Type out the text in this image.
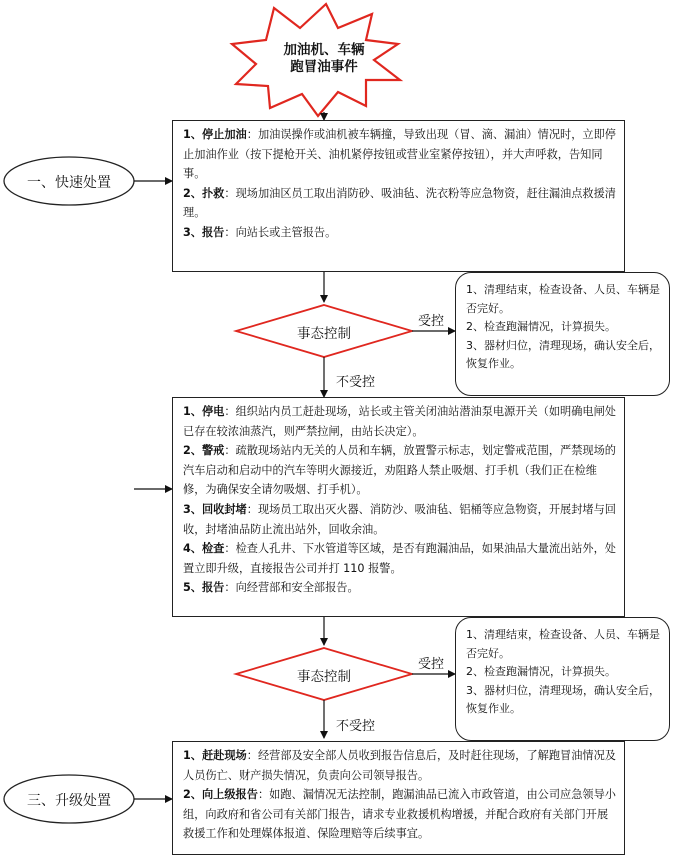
加油机、车辆
跑冒油事件
一、快速处置
三、升级处置

1、停止加油：加油误操作或油机被车辆撞，导致出现（冒、滴、漏油）情况时，立即停止加油作业（按下提枪开关、油机紧停按钮或营业室紧停按钮），并大声呼救，告知同事。

2、扑救：现场加油区员工取出消防砂、吸油毡、洗衣粉等应急物资，赶往漏油点救援清理。

3、报告：向站长或主管报告。

事态控制
受控
不受控

1、清理结束，检查设备、人员、车辆是否完好。

2、检查跑漏情况，计算损失。

3、器材归位，清理现场，确认安全后，恢复作业。

1、停电：组织站内员工赶赴现场，站长或主管关闭油站潜油泵电源开关（如明确电闸处已存在较浓油蒸汽，则严禁拉闸，由站长决定）。

2、警戒：疏散现场站内无关的人员和车辆，放置警示标志，划定警戒范围，严禁现场的汽车启动和启动中的汽车等明火源接近，劝阻路人禁止吸烟、打手机（我们正在检维修，为确保安全请勿吸烟、打手机）。

3、回收封堵：现场员工取出灭火器、消防沙、吸油毡、铝桶等应急物资，开展封堵与回收，封堵油品防止流出站外，回收余油。

4、检查：检查人孔井、下水管道等区域，是否有跑漏油品，如果油品大量流出站外，处置立即升级，直接报告公司并打 110 报警。

5、报告：向经营部和安全部报告。

事态控制
受控
不受控

1、清理结束，检查设备、人员、车辆是否完好。

2、检查跑漏情况，计算损失。

3、器材归位，清理现场，确认安全后，恢复作业。

1、赶赴现场：经营部及安全部人员收到报告信息后，及时赶往现场，了解跑冒油情况及人员伤亡、财产损失情况，负责向公司领导报告。

2、向上级报告：如跑、漏情况无法控制，跑漏油品已流入市政管道，由公司应急领导小组，向政府和省公司有关部门报告，请求专业救援机构增援，并配合政府有关部门开展救援工作和处理媒体报道、保险理赔等后续事宜。
